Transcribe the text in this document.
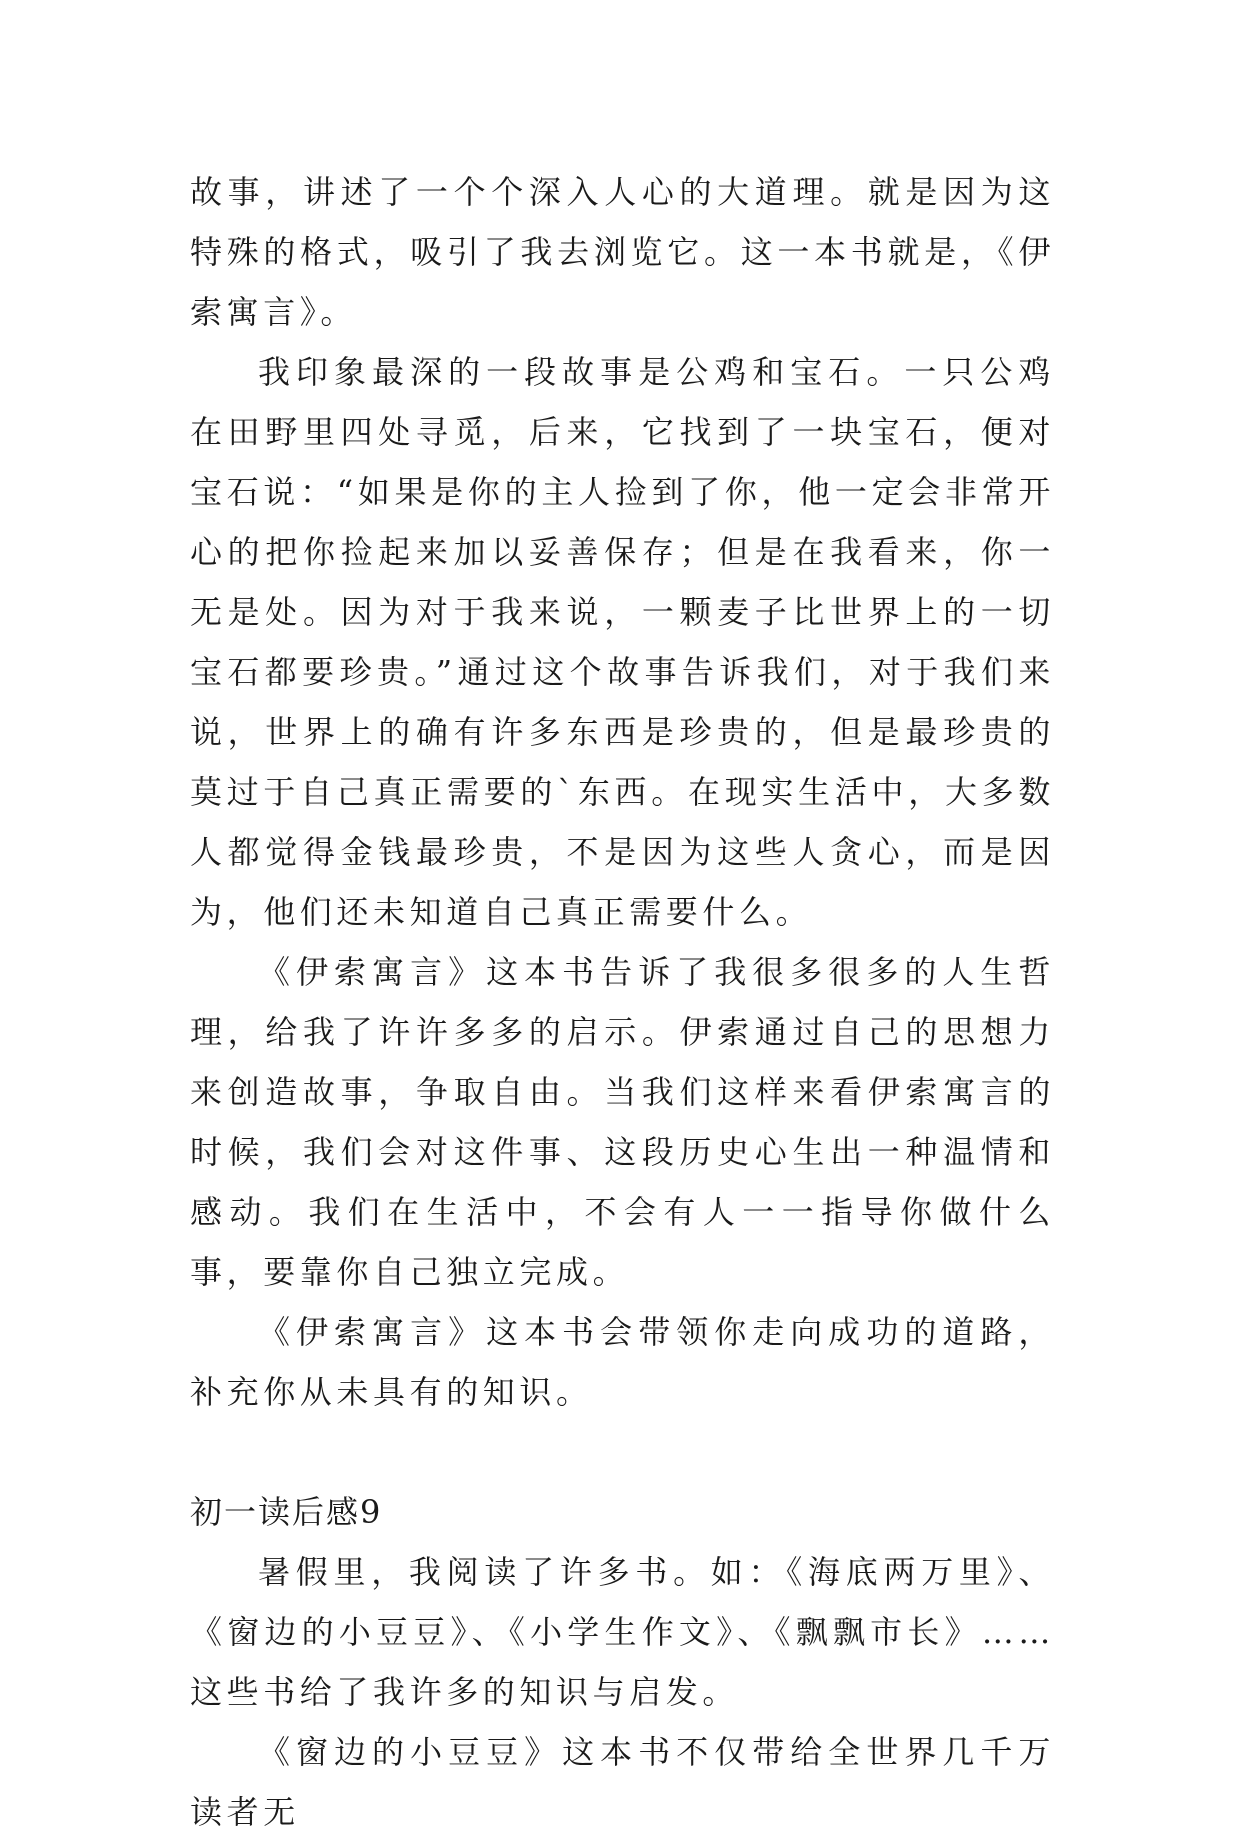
故事，讲述了一个个深入人心的大道理。就是因为这特殊的格式，吸引了我去浏览它。这一本书就是，《伊索寓言》。

我印象最深的一段故事是公鸡和宝石。一只公鸡在田野里四处寻觅，后来，它找到了一块宝石，便对宝石说：“如果是你的主人捡到了你，他一定会非常开心的把你捡起来加以妥善保存；但是在我看来，你一无是处。因为对于我来说，一颗麦子比世界上的一切宝石都要珍贵。”通过这个故事告诉我们，对于我们来说，世界上的确有许多东西是珍贵的，但是最珍贵的莫过于自己真正需要的`东西。在现实生活中，大多数人都觉得金钱最珍贵，不是因为这些人贪心，而是因为，他们还未知道自己真正需要什么。

《伊索寓言》这本书告诉了我很多很多的人生哲理，给我了许许多多的启示。伊索通过自己的思想力来创造故事，争取自由。当我们这样来看伊索寓言的时候，我们会对这件事、这段历史心生出一种温情和感动。我们在生活中，不会有人一一指导你做什么事，要靠你自己独立完成。

《伊索寓言》这本书会带领你走向成功的道路，补充你从未具有的知识。

初一读后感9

暑假里，我阅读了许多书。如：《海底两万里》、《窗边的小豆豆》、《小学生作文》、《飘飘市长》……这些书给了我许多的知识与启发。

《窗边的小豆豆》这本书不仅带给全世界几千万读者无
